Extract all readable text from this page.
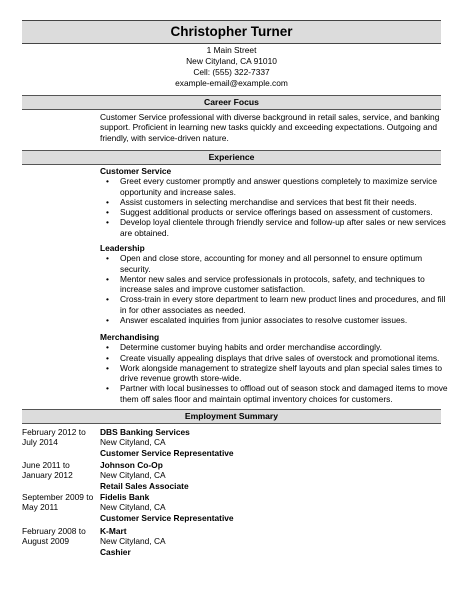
Christopher Turner
1 Main Street
New Cityland, CA 91010
Cell: (555) 322-7337
example-email@example.com
Career Focus

Customer Service professional with diverse background in retail sales, service, and banking support. Proficient in learning new tasks quickly and exceeding expectations. Outgoing and friendly, with service-driven nature.

Experience
Customer Service
• Greet every customer promptly and answer questions completely to maximize service opportunity and increase sales.
• Assist customers in selecting merchandise and services that best fit their needs.
• Suggest additional products or service offerings based on assessment of customers.
• Develop loyal clientele through friendly service and follow-up after sales or new services are obtained.
Leadership
• Open and close store, accounting for money and all personnel to ensure optimum security.
• Mentor new sales and service professionals in protocols, safety, and techniques to increase sales and improve customer satisfaction.
• Cross-train in every store department to learn new product lines and procedures, and fill in for other associates as needed.
• Answer escalated inquiries from junior associates to resolve customer issues.
Merchandising
• Determine customer buying habits and order merchandise accordingly.
• Create visually appealing displays that drive sales of overstock and promotional items.
• Work alongside management to strategize shelf layouts and plan special sales times to drive revenue growth store-wide.
• Partner with local businesses to offload out of season stock and damaged items to move them off sales floor and maintain optimal inventory choices for customers.
Employment Summary
February 2012 to July 2014
DBS Banking Services
New Cityland, CA
Customer Service Representative
June 2011 to January 2012
Johnson Co-Op
New Cityland, CA
Retail Sales Associate
September 2009 to May 2011
Fidelis Bank
New Cityland, CA
Customer Service Representative
February 2008 to August 2009
K-Mart
New Cityland, CA
Cashier
